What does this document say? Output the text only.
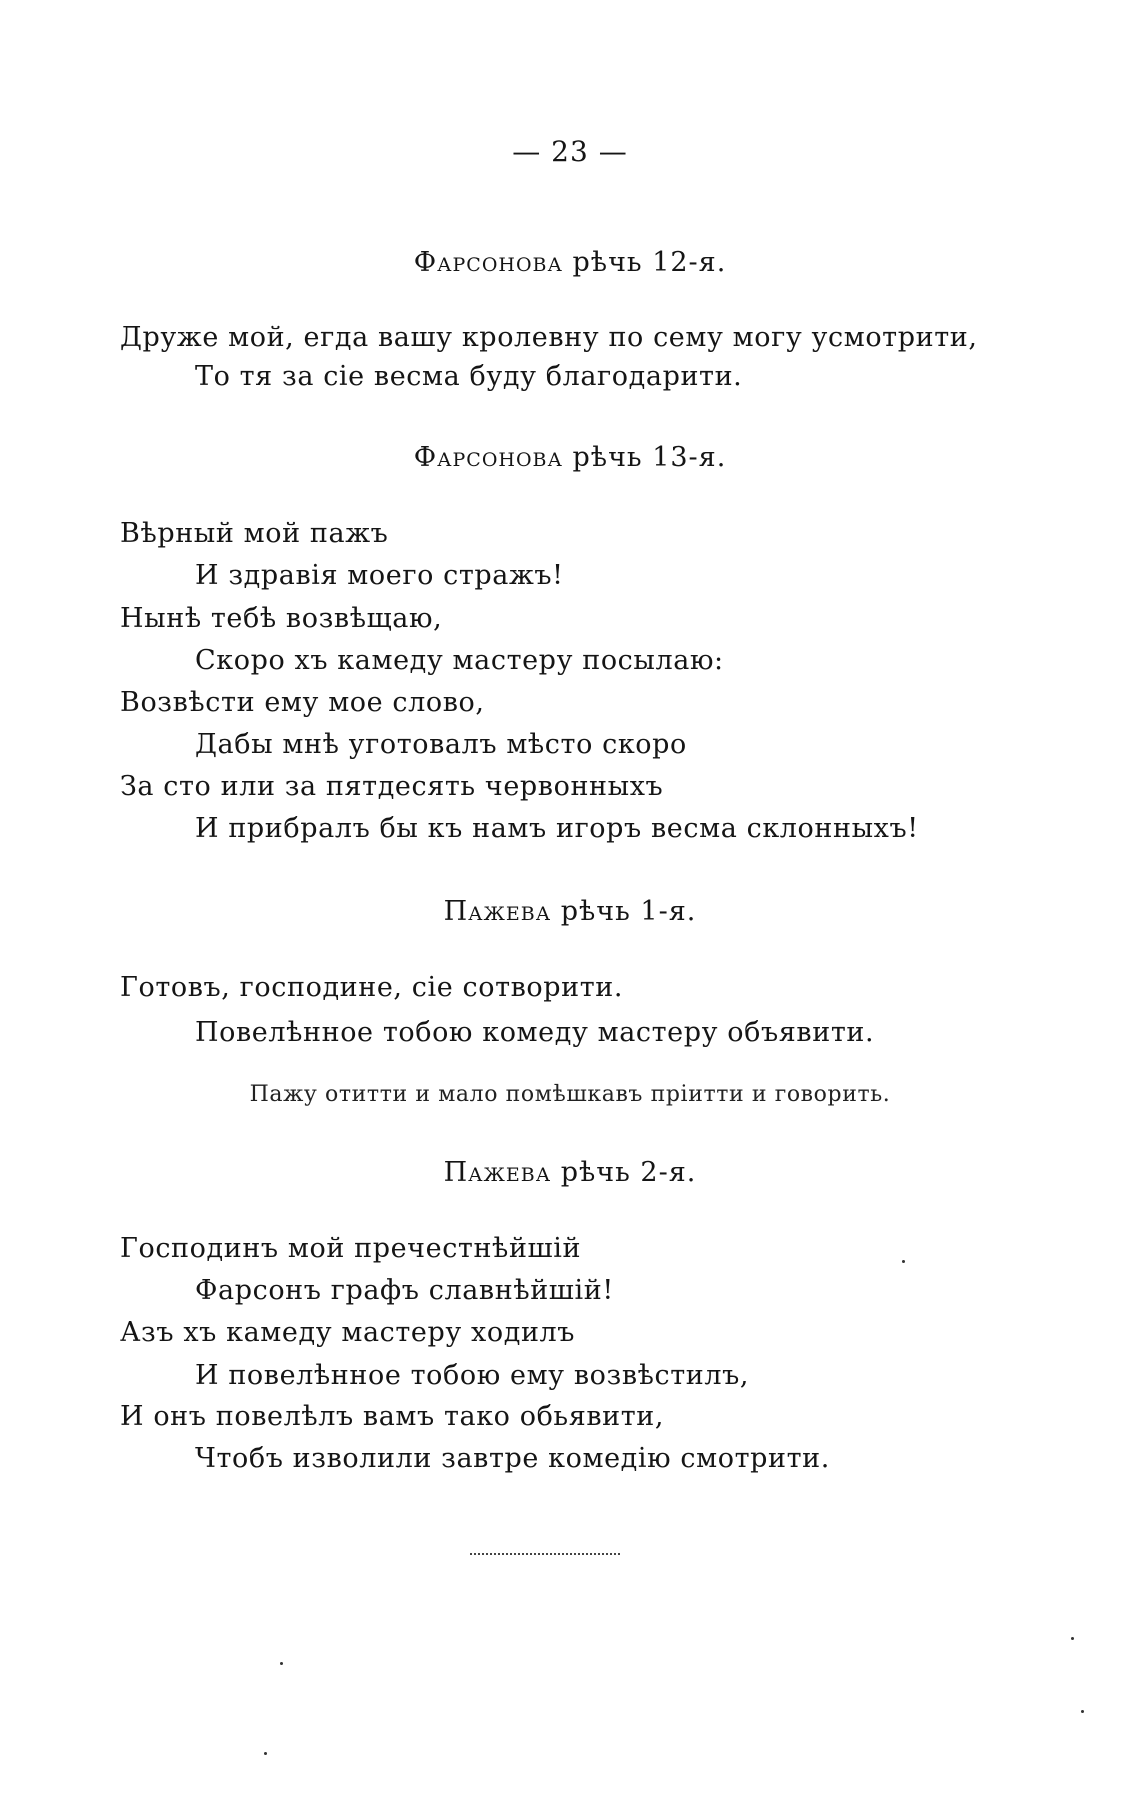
— 23 —
Фарсонова рѣчь 12-я.
Друже мой, егда вашу кролевну по сему могу усмотрити,
То тя за сіе весма буду благодарити.
Фарсонова рѣчь 13-я.
Вѣрный мой пажъ
И здравія моего стражъ!
Нынѣ тебѣ возвѣщаю,
Скоро хъ камеду мастеру посылаю:
Возвѣсти ему мое слово,
Дабы мнѣ уготовалъ мѣсто скоро
За сто или за пятдесять червонныхъ
И прибралъ бы къ намъ игоръ весма склонныхъ!
Пажева рѣчь 1-я.
Готовъ, господине, сіе сотворити.
Повелѣнное тобою комеду мастеру объявити.
Пажу отитти и мало помѣшкавъ пріитти и говорить.
Пажева рѣчь 2-я.
Господинъ мой пречестнѣйшій
Фарсонъ графъ славнѣйшій!
Азъ хъ камеду мастеру ходилъ
И повелѣнное тобою ему возвѣстилъ,
И онъ повелѣлъ вамъ тако обьявити,
Чтобъ изволили завтре комедію смотрити.
